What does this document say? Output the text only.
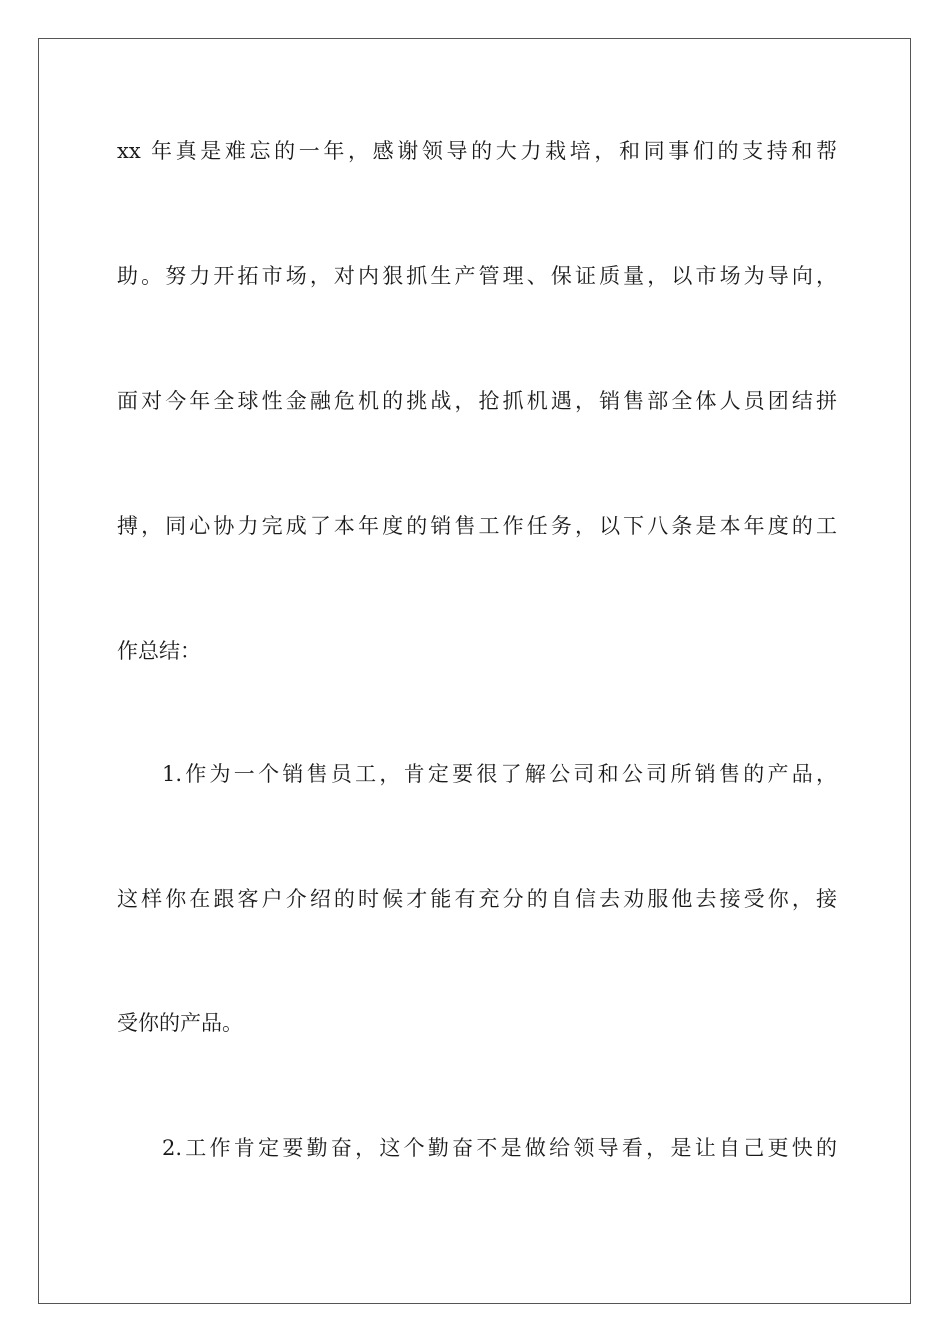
xx 年真是难忘的一年，感谢领导的大力栽培，和同事们的支持和帮
助。努力开拓市场，对内狠抓生产管理、保证质量，以市场为导向，
面对今年全球性金融危机的挑战，抢抓机遇，销售部全体人员团结拼
搏，同心协力完成了本年度的销售工作任务，以下八条是本年度的工
作总结：
1.作为一个销售员工，肯定要很了解公司和公司所销售的产品，
这样你在跟客户介绍的时候才能有充分的自信去劝服他去接受你，接
受你的产品。
2.工作肯定要勤奋，这个勤奋不是做给领导看，是让自己更快的
